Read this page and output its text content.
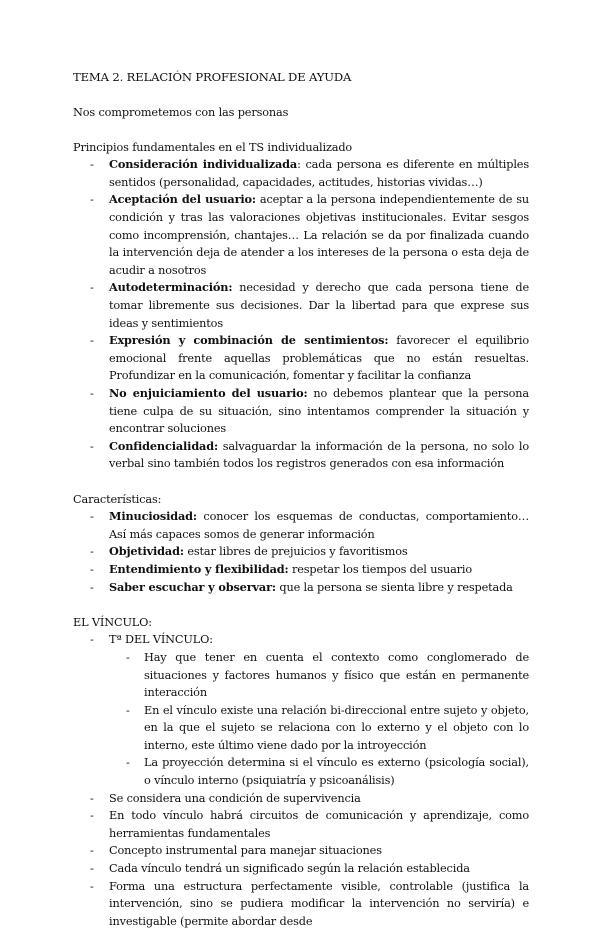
TEMA 2. RELACIÓN PROFESIONAL DE AYUDA
Nos comprometemos con las personas
Principios fundamentales en el TS individualizado
- Consideración individualizada: cada persona es diferente en múltiples sentidos (personalidad, capacidades, actitudes, historias vividas…)
- Aceptación del usuario: aceptar a la persona independientemente de su condición y tras las valoraciones objetivas institucionales. Evitar sesgos como incomprensión, chantajes… La relación se da por finalizada cuando la intervención deja de atender a los intereses de la persona o esta deja de acudir a nosotros
- Autodeterminación: necesidad y derecho que cada persona tiene de tomar libremente sus decisiones. Dar la libertad para que exprese sus ideas y sentimientos
- Expresión y combinación de sentimientos: favorecer el equilibrio emocional frente aquellas problemáticas que no están resueltas. Profundizar en la comunicación, fomentar y facilitar la confianza
- No enjuiciamiento del usuario: no debemos plantear que la persona tiene culpa de su situación, sino intentamos comprender la situación y encontrar soluciones
- Confidencialidad: salvaguardar la información de la persona, no solo lo verbal sino también todos los registros generados con esa información
Características:
- Minuciosidad: conocer los esquemas de conductas, comportamiento… Así más capaces somos de generar información
- Objetividad: estar libres de prejuicios y favoritismos
- Entendimiento y flexibilidad: respetar los tiempos del usuario
- Saber escuchar y observar: que la persona se sienta libre y respetada
EL VÍNCULO:
- Tª DEL VÍNCULO:
- Hay que tener en cuenta el contexto como conglomerado de situaciones y factores humanos y físico que están en permanente interacción
- En el vínculo existe una relación bi-direccional entre sujeto y objeto, en la que el sujeto se relaciona con lo externo y el objeto con lo interno, este último viene dado por la introyección
- La proyección determina si el vínculo es externo (psicología social), o vínculo interno (psiquiatría y psicoanálisis)
- Se considera una condición de supervivencia
- En todo vínculo habrá circuitos de comunicación y aprendizaje, como herramientas fundamentales
- Concepto instrumental para manejar situaciones
- Cada vínculo tendrá un significado según la relación establecida
- Forma una estructura perfectamente visible, controlable (justifica la intervención, sino se pudiera modificar la intervención no serviría) e investigable (permite abordar desde
